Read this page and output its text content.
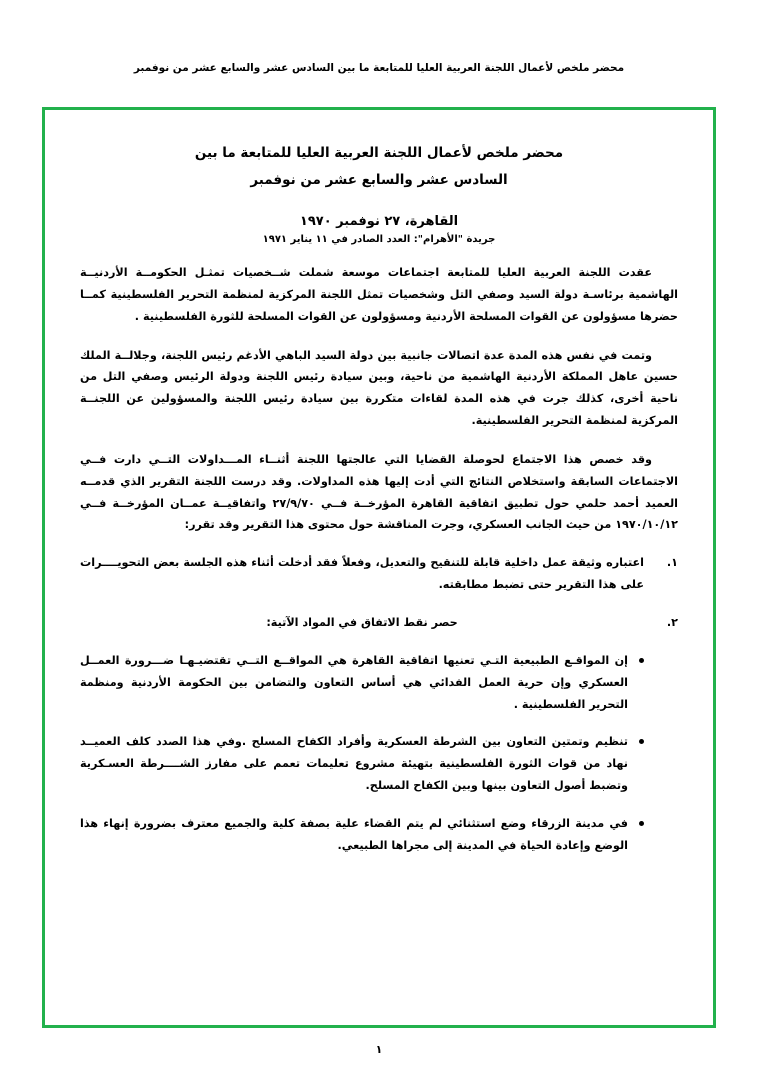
محضر ملخص لأعمال اللجنة العربية العليا للمتابعة ما بين السادس عشر والسابع عشر من نوفمبر
محضر ملخص لأعمال اللجنة العربية العليا للمتابعة ما بين
السادس عشر والسابع عشر من نوفمبر
القاهرة، ٢٧ نوفمبر ١٩٧٠
جريدة "الأهرام": العدد الصادر في ١١ يناير ١٩٧١

عقدت اللجنة العربية العليا للمتابعة اجتماعات موسعة شملت شــخصيات تمثـل الحكومــة الأردنيــة الهاشمية برئاسـة دولة السيد وصفي التل وشخصيات تمثل اللجنة المركزية لمنظمة التحرير الفلسطينية كمــا حضرها مسؤولون عن القوات المسلحة الأردنية ومسؤولون عن القوات المسلحة للثورة الفلسطينية .

وتمت في نفس هذه المدة عدة اتصالات جانبية بين دولة السيد الباهي الأدغم رئيس اللجنة، وجلالــة الملك حسين عاهل المملكة الأردنية الهاشمية من ناحية، وبين سيادة رئيس اللجنة ودولة الرئيس وصفي التل من ناحية أخرى، كذلك جرت في هذه المدة لقاءات متكررة بين سيادة رئيس اللجنة والمسؤولين عن اللجنــة المركزية لمنظمة التحرير الفلسطينية.

وقد خصص هذا الاجتماع لحوصلة القضايا التي عالجتها اللجنة أثنــاء المـــداولات التــي دارت فــي الاجتماعات السابقة واستخلاص النتائج التي أدت إليها هذه المداولات. وقد درست اللجنة التقرير الذي قدمــه العميد أحمد حلمي حول تطبيق اتفاقية القاهرة المؤرخــة فــي ٢٧/٩/٧٠ واتفاقيــة عمــان المؤرخــة فــي ١٩٧٠/١٠/١٢ من حيث الجانب العسكري، وجرت المناقشة حول محتوى هذا التقرير وقد تقرر:

١.
اعتباره وثيقة عمل داخلية قابلة للتنقيح والتعديل، وفعلاً فقد أدخلت أثناء هذه الجلسة بعض التحويــــرات على هذا التقرير حتى تضبط مطابقته.
٢.
حصر نقط الاتفاق في المواد الآتية:
إن المواقـع الطبيعية التـي تعنيها اتفاقية القاهرة هي المواقــع التــي تقتضيـهـا ضـــرورة العمــل العسكري وإن حرية العمل الفدائي هي أساس التعاون والتضامن بين الحكومة الأردنية ومنظمة التحرير الفلسطينية .
تنظيم وتمتين التعاون بين الشرطة العسكرية وأفراد الكفاح المسلح .وفي هذا الصدد كلف العميــد نهاد من قوات الثورة الفلسطينية بتهيئة مشروع تعليمات تعمم على مفارز الشــــرطة العسـكرية وتضبط أصول التعاون بينها وبين الكفاح المسلح.
في مدينة الزرقاء وضع استثنائي لم يتم القضاء علية بصفة كلية والجميع معترف بضرورة إنهاء هذا الوضع وإعادة الحياة في المدينة إلى مجراها الطبيعي.
١
